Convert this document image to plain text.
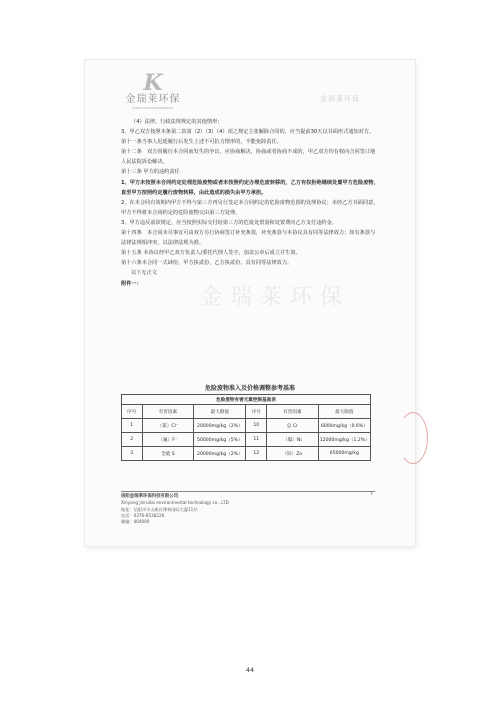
K
金瑞莱环保
JINRUILAI ENVIRONMENTAL
金瑞莱环保
金瑞莱环保

（4）法律、行政法规规定的其他情形；

3、甲乙双方按照本条第二款第（2）（3）（4）项之规定主张解除合同的，应当提前30天以书面形式通知对方。

第十一条当事人迟延履行后发生上述不可抗力情形的，不能免除责任。

第十二条　双方因履行本合同而发生的争议，应协商解决，协商或者协商不成的，甲乙双方均有权向合同签订地人民法院诉讼解决。

第十三条 甲方的违约责任

1、甲方未按照本合同约定处理危险废物或者未按照约定办理危废转移的，乙方有权拒绝继续处置甲方危险废物，直至甲方按照约定履行废物转移，由此造成的损失由甲方承担。

2、在本合同有效期内甲方不得与第三方再另行签定本合同约定的危险废物范围的处理协议；未经乙方书面同意，甲方不得将本合同约定的危险废物交由第三方处理。

3、甲方违反前款规定，应当按照实际交付给第三方的危废处置量和处置费向乙方支付违约金。

第十四条　本合同未尽事宜可由双方另行协商签订补充条款，补充条款与本协议具有同等法律效力；如有条款与法律法规相冲突，以法律法规为准。

第十五条 本协议经甲乙双方负责人/委托代理人签字，加盖公章后成立并生效。

第十六条本合同一式肆份，甲方执贰份，乙方执贰份，具有同等法律效力。

以下无正文

附件一：

危险废物准入及价格调整参考基准
危险废物有害元素控制基准表					
序号	有害因素	最大限值	序号	有害因素	最大限值
1	（氯）Cl⁻	20000mg/kg（2%）	10	总 Cr	6000mg/kg（0.6%）
2	（氟）F⁻	50000mg/kg（5%）	11	（镍）Ni	12000mg/kg（1.2%）
3	全硫 S	20000mg/kg（2%）	12	（锌）Zn	65000mg/kg
信阳金瑞莱环保科技有限公司
Xinyang Jinruilai environmental technology co., LTD
地址：信阳市羊山新区博林国际大厦11层
电话：0376-6538226
邮编：464000
7
44
